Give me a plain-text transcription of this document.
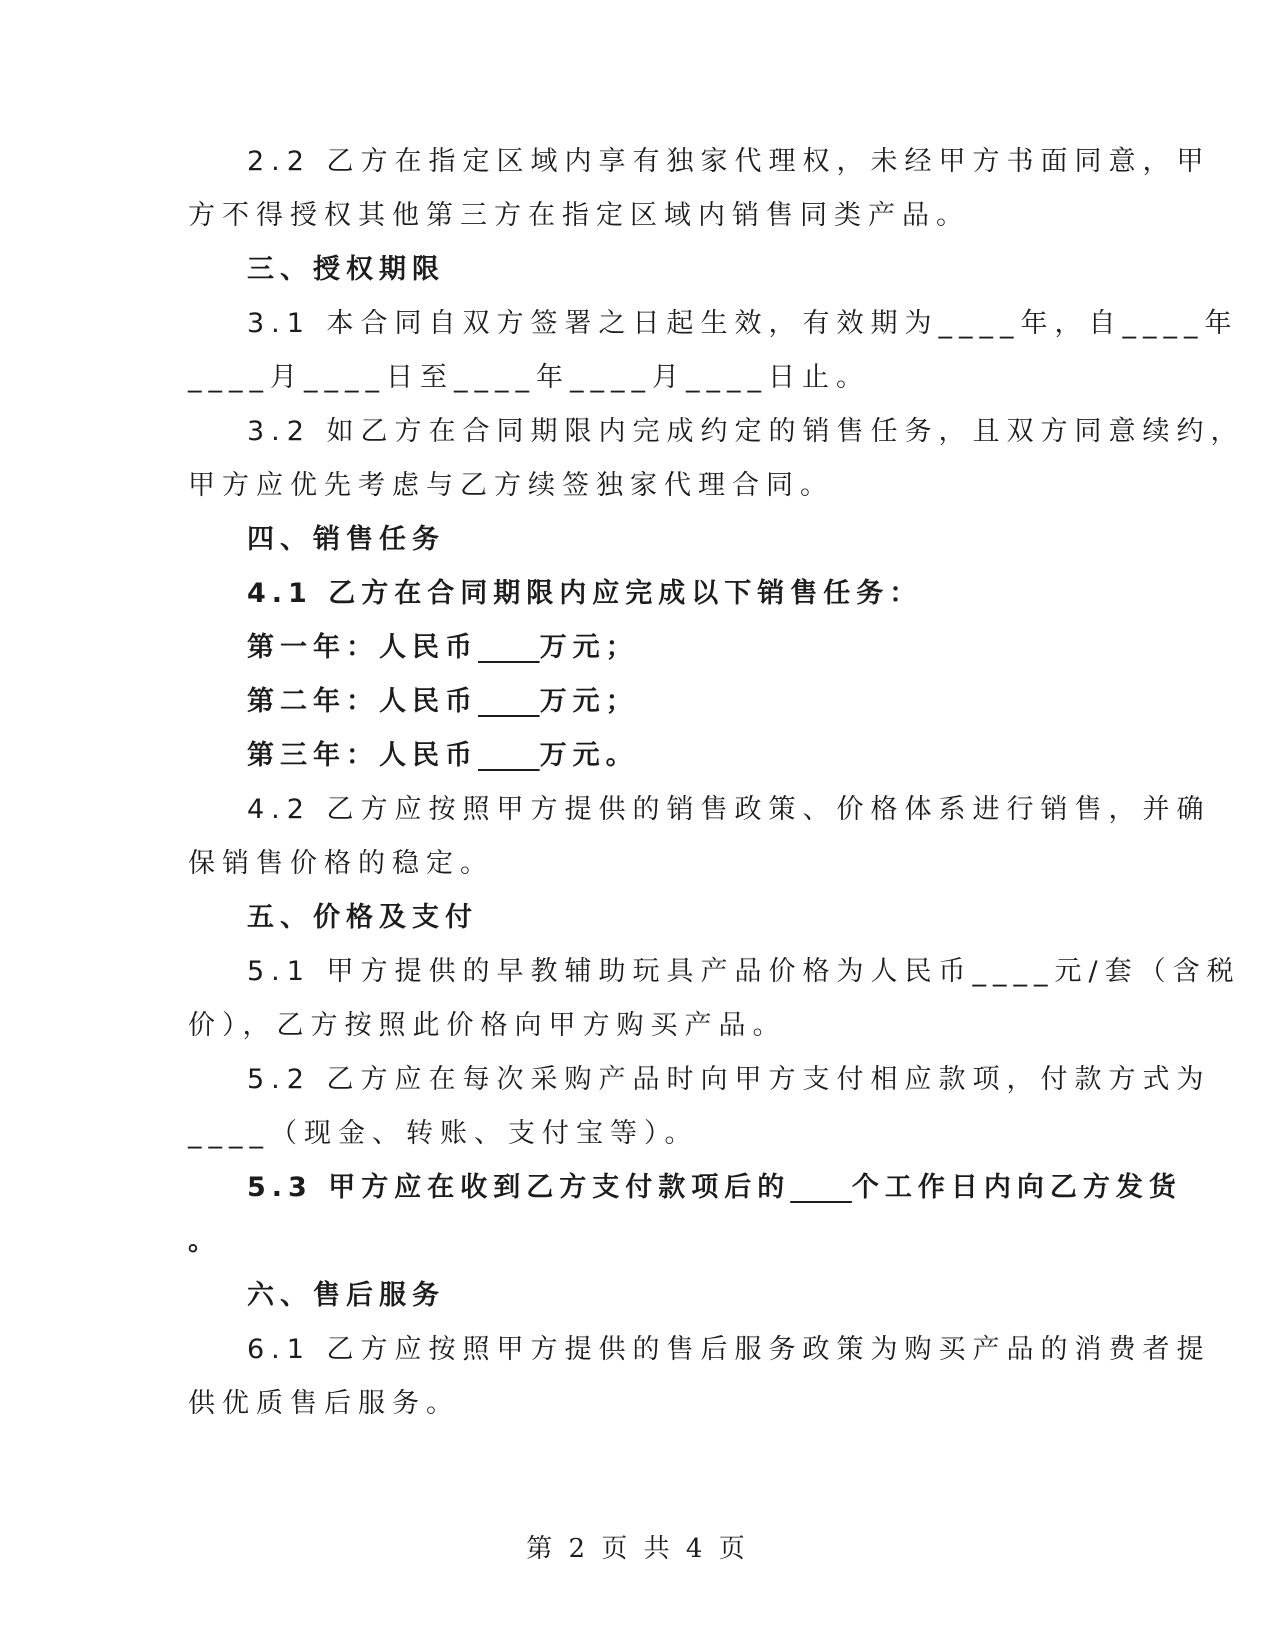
2.2 乙方在指定区域内享有独家代理权，未经甲方书面同意，甲

方不得授权其他第三方在指定区域内销售同类产品。

三、授权期限

3.1 本合同自双方签署之日起生效，有效期为____年，自____年

____月____日至____年____月____日止。

3.2 如乙方在合同期限内完成约定的销售任务，且双方同意续约，

甲方应优先考虑与乙方续签独家代理合同。

四、销售任务

4.1 乙方在合同期限内应完成以下销售任务：

第一年：人民币 万元；

第二年：人民币 万元；

第三年：人民币 万元。

4.2 乙方应按照甲方提供的销售政策、价格体系进行销售，并确

保销售价格的稳定。

五、价格及支付

5.1 甲方提供的早教辅助玩具产品价格为人民币____元/套（含税

价），乙方按照此价格向甲方购买产品。

5.2 乙方应在每次采购产品时向甲方支付相应款项，付款方式为

____（现金、转账、支付宝等）。

5.3 甲方应在收到乙方支付款项后的 个工作日内向乙方发货

。

六、售后服务

6.1 乙方应按照甲方提供的售后服务政策为购买产品的消费者提

供优质售后服务。

第 2 页 共 4 页
